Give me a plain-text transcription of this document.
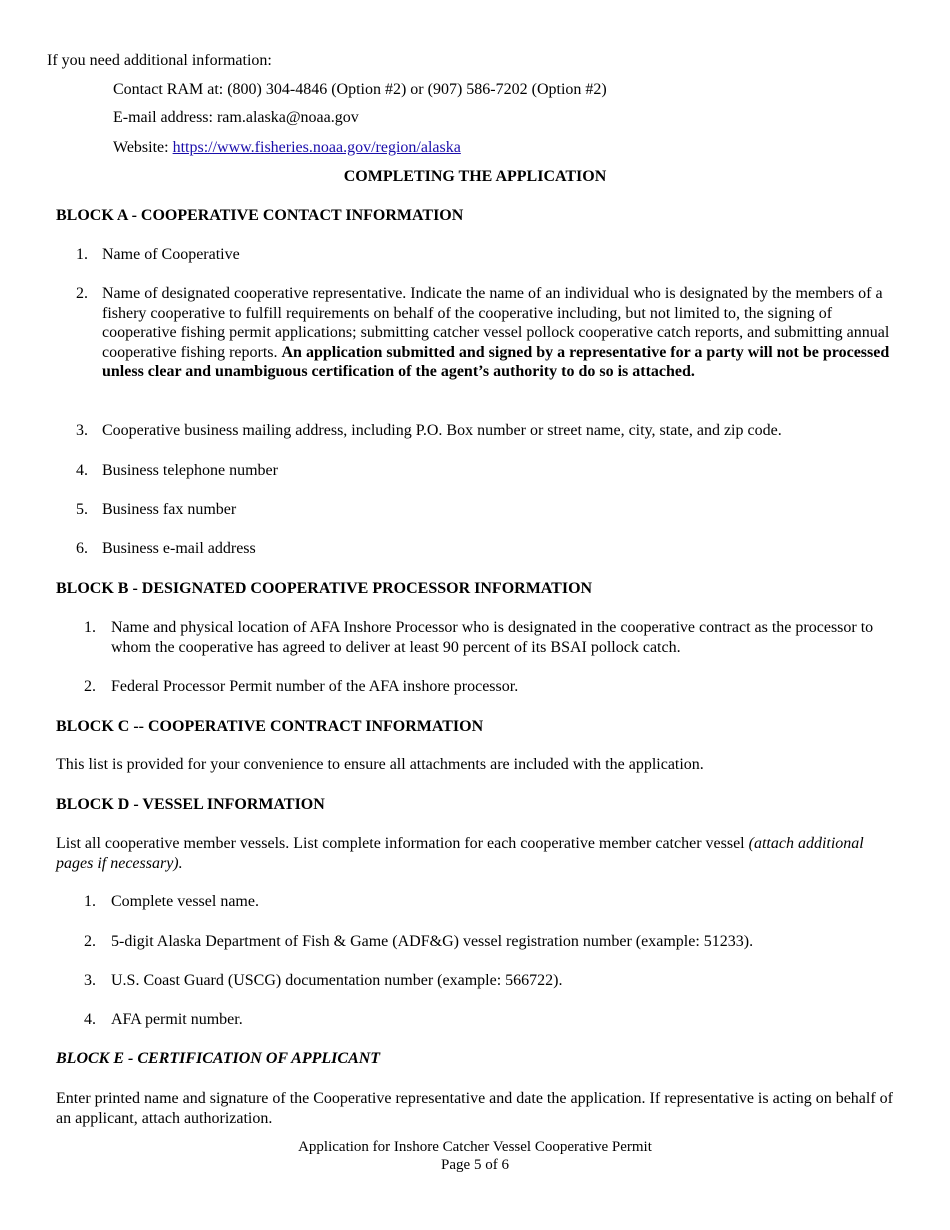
If you need additional information:
Contact RAM at: (800) 304-4846 (Option #2) or (907) 586-7202 (Option #2)
E-mail address: ram.alaska@noaa.gov
Website: https://www.fisheries.noaa.gov/region/alaska
COMPLETING THE APPLICATION
BLOCK A - COOPERATIVE CONTACT INFORMATION
1. Name of Cooperative
2. Name of designated cooperative representative. Indicate the name of an individual who is designated by the members of a fishery cooperative to fulfill requirements on behalf of the cooperative including, but not limited to, the signing of cooperative fishing permit applications; submitting catcher vessel pollock cooperative catch reports, and submitting annual cooperative fishing reports. An application submitted and signed by a representative for a party will not be processed unless clear and unambiguous certification of the agent’s authority to do so is attached.
3. Cooperative business mailing address, including P.O. Box number or street name, city, state, and zip code.
4. Business telephone number
5. Business fax number
6. Business e-mail address
BLOCK B - DESIGNATED COOPERATIVE PROCESSOR INFORMATION
1. Name and physical location of AFA Inshore Processor who is designated in the cooperative contract as the processor to whom the cooperative has agreed to deliver at least 90 percent of its BSAI pollock catch.
2. Federal Processor Permit number of the AFA inshore processor.
BLOCK C -- COOPERATIVE CONTRACT INFORMATION
This list is provided for your convenience to ensure all attachments are included with the application.
BLOCK D - VESSEL INFORMATION
List all cooperative member vessels. List complete information for each cooperative member catcher vessel (attach additional pages if necessary).
1. Complete vessel name.
2. 5-digit Alaska Department of Fish & Game (ADF&G) vessel registration number (example: 51233).
3. U.S. Coast Guard (USCG) documentation number (example: 566722).
4. AFA permit number.
BLOCK E - CERTIFICATION OF APPLICANT
Enter printed name and signature of the Cooperative representative and date the application. If representative is acting on behalf of an applicant, attach authorization.
Application for Inshore Catcher Vessel Cooperative Permit
Page 5 of 6
